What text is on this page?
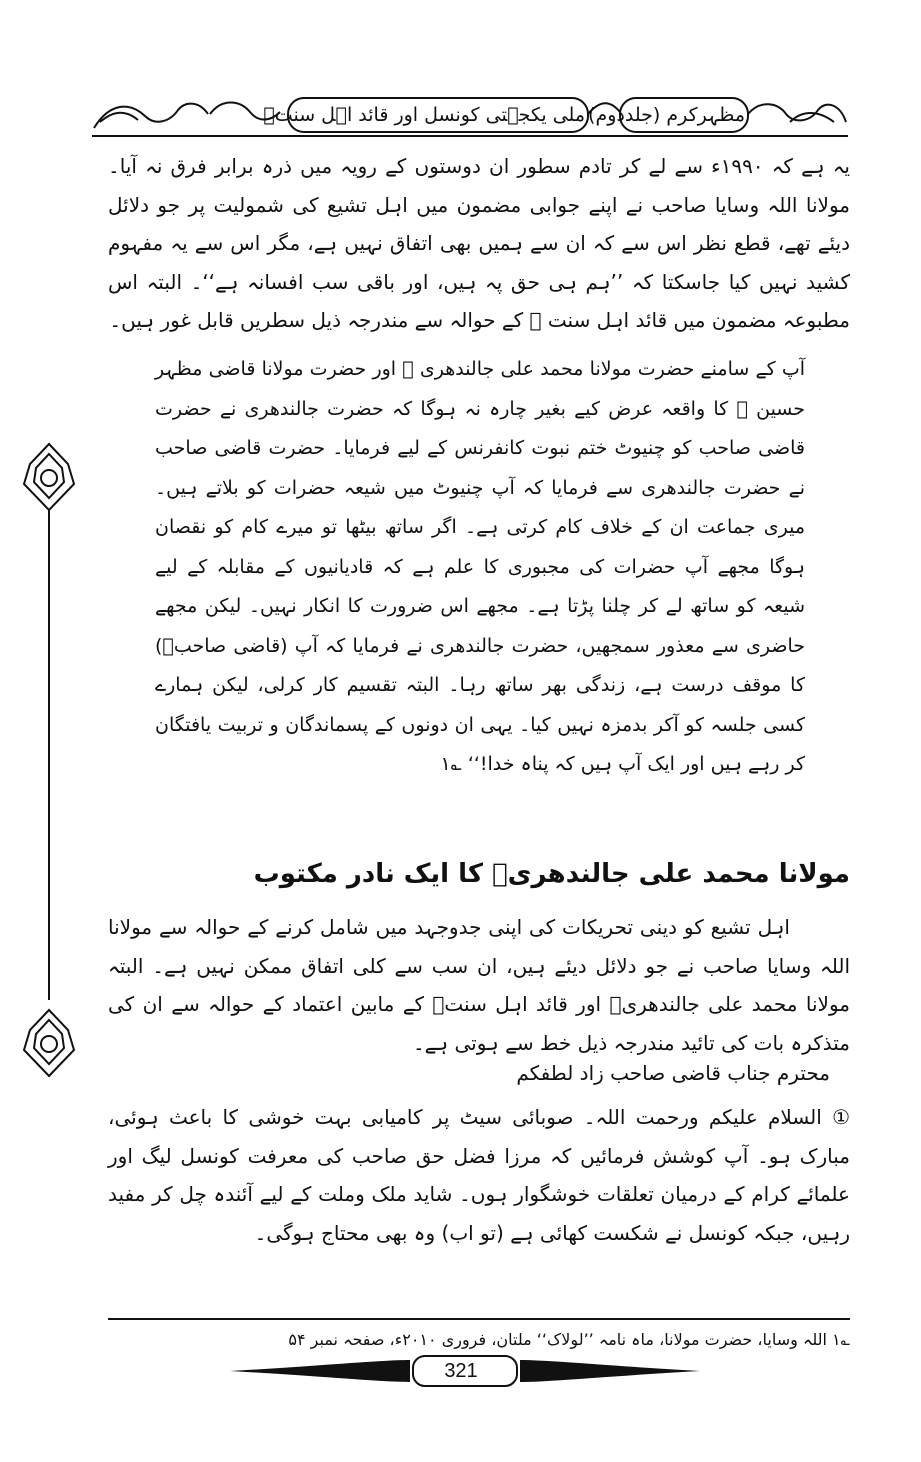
مظہرکرم (جلددوم)
ملی یکجہتی کونسل اور قائد اہل سنتؒ
یہ ہے کہ ۱۹۹۰ء سے لے کر تادم سطور ان دوستوں کے رویہ میں ذرہ برابر فرق نہ آیا۔ مولانا اللہ وسایا صاحب نے اپنے جوابی مضمون میں اہل تشیع کی شمولیت پر جو دلائل دیئے تھے، قطع نظر اس سے کہ ان سے ہمیں بھی اتفاق نہیں ہے، مگر اس سے یہ مفہوم کشید نہیں کیا جاسکتا کہ ’’ہم ہی حق پہ ہیں، اور باقی سب افسانہ ہے‘‘۔ البتہ اس مطبوعہ مضمون میں قائد اہل سنت ﷫ کے حوالہ سے مندرجہ ذیل سطریں قابل غور ہیں۔
آپ کے سامنے حضرت مولانا محمد علی جالندھری ﷫ اور حضرت مولانا قاضی مظہر حسین ﷫ کا واقعہ عرض کیے بغیر چارہ نہ ہوگا کہ حضرت جالندھری نے حضرت قاضی صاحب کو چنیوٹ ختم نبوت کانفرنس کے لیے فرمایا۔ حضرت قاضی صاحب نے حضرت جالندھری سے فرمایا کہ آپ چنیوٹ میں شیعہ حضرات کو بلاتے ہیں۔ میری جماعت ان کے خلاف کام کرتی ہے۔ اگر ساتھ بیٹھا تو میرے کام کو نقصان ہوگا مجھے آپ حضرات کی مجبوری کا علم ہے کہ قادیانیوں کے مقابلہ کے لیے شیعہ کو ساتھ لے کر چلنا پڑتا ہے۔ مجھے اس ضرورت کا انکار نہیں۔ لیکن مجھے حاضری سے معذور سمجھیں، حضرت جالندھری نے فرمایا کہ آپ (قاضی صاحبؒ) کا موقف درست ہے، زندگی بھر ساتھ رہا۔ البتہ تقسیم کار کرلی، لیکن ہمارے کسی جلسہ کو آکر بدمزہ نہیں کیا۔ یہی ان دونوں کے پسماندگان و تربیت یافتگان کر رہے ہیں اور ایک آپ ہیں کہ پناہ خدا!‘‘ ؎۱
مولانا محمد علی جالندھریؒ کا ایک نادر مکتوب
اہل تشیع کو دینی تحریکات کی اپنی جدوجہد میں شامل کرنے کے حوالہ سے مولانا اللہ وسایا صاحب نے جو دلائل دیئے ہیں، ان سب سے کلی اتفاق ممکن نہیں ہے۔ البتہ مولانا محمد علی جالندھریؒ اور قائد اہل سنتؒ کے مابین اعتماد کے حوالہ سے ان کی متذکرہ بات کی تائید مندرجہ ذیل خط سے ہوتی ہے۔
محترم جناب قاضی صاحب زاد لطفکم
① السلام علیکم ورحمت اللہ۔ صوبائی سیٹ پر کامیابی بہت خوشی کا باعث ہوئی، مبارک ہو۔ آپ کوشش فرمائیں کہ مرزا فضل حق صاحب کی معرفت کونسل لیگ اور علمائے کرام کے درمیان تعلقات خوشگوار ہوں۔ شاید ملک وملت کے لیے آئندہ چل کر مفید رہیں، جبکہ کونسل نے شکست کھائی ہے (تو اب) وہ بھی محتاج ہوگی۔
؎۱ اللہ وسایا، حضرت مولانا، ماہ نامہ ’’لولاک‘‘ ملتان، فروری ۲۰۱۰ء، صفحہ نمبر ۵۴
321
